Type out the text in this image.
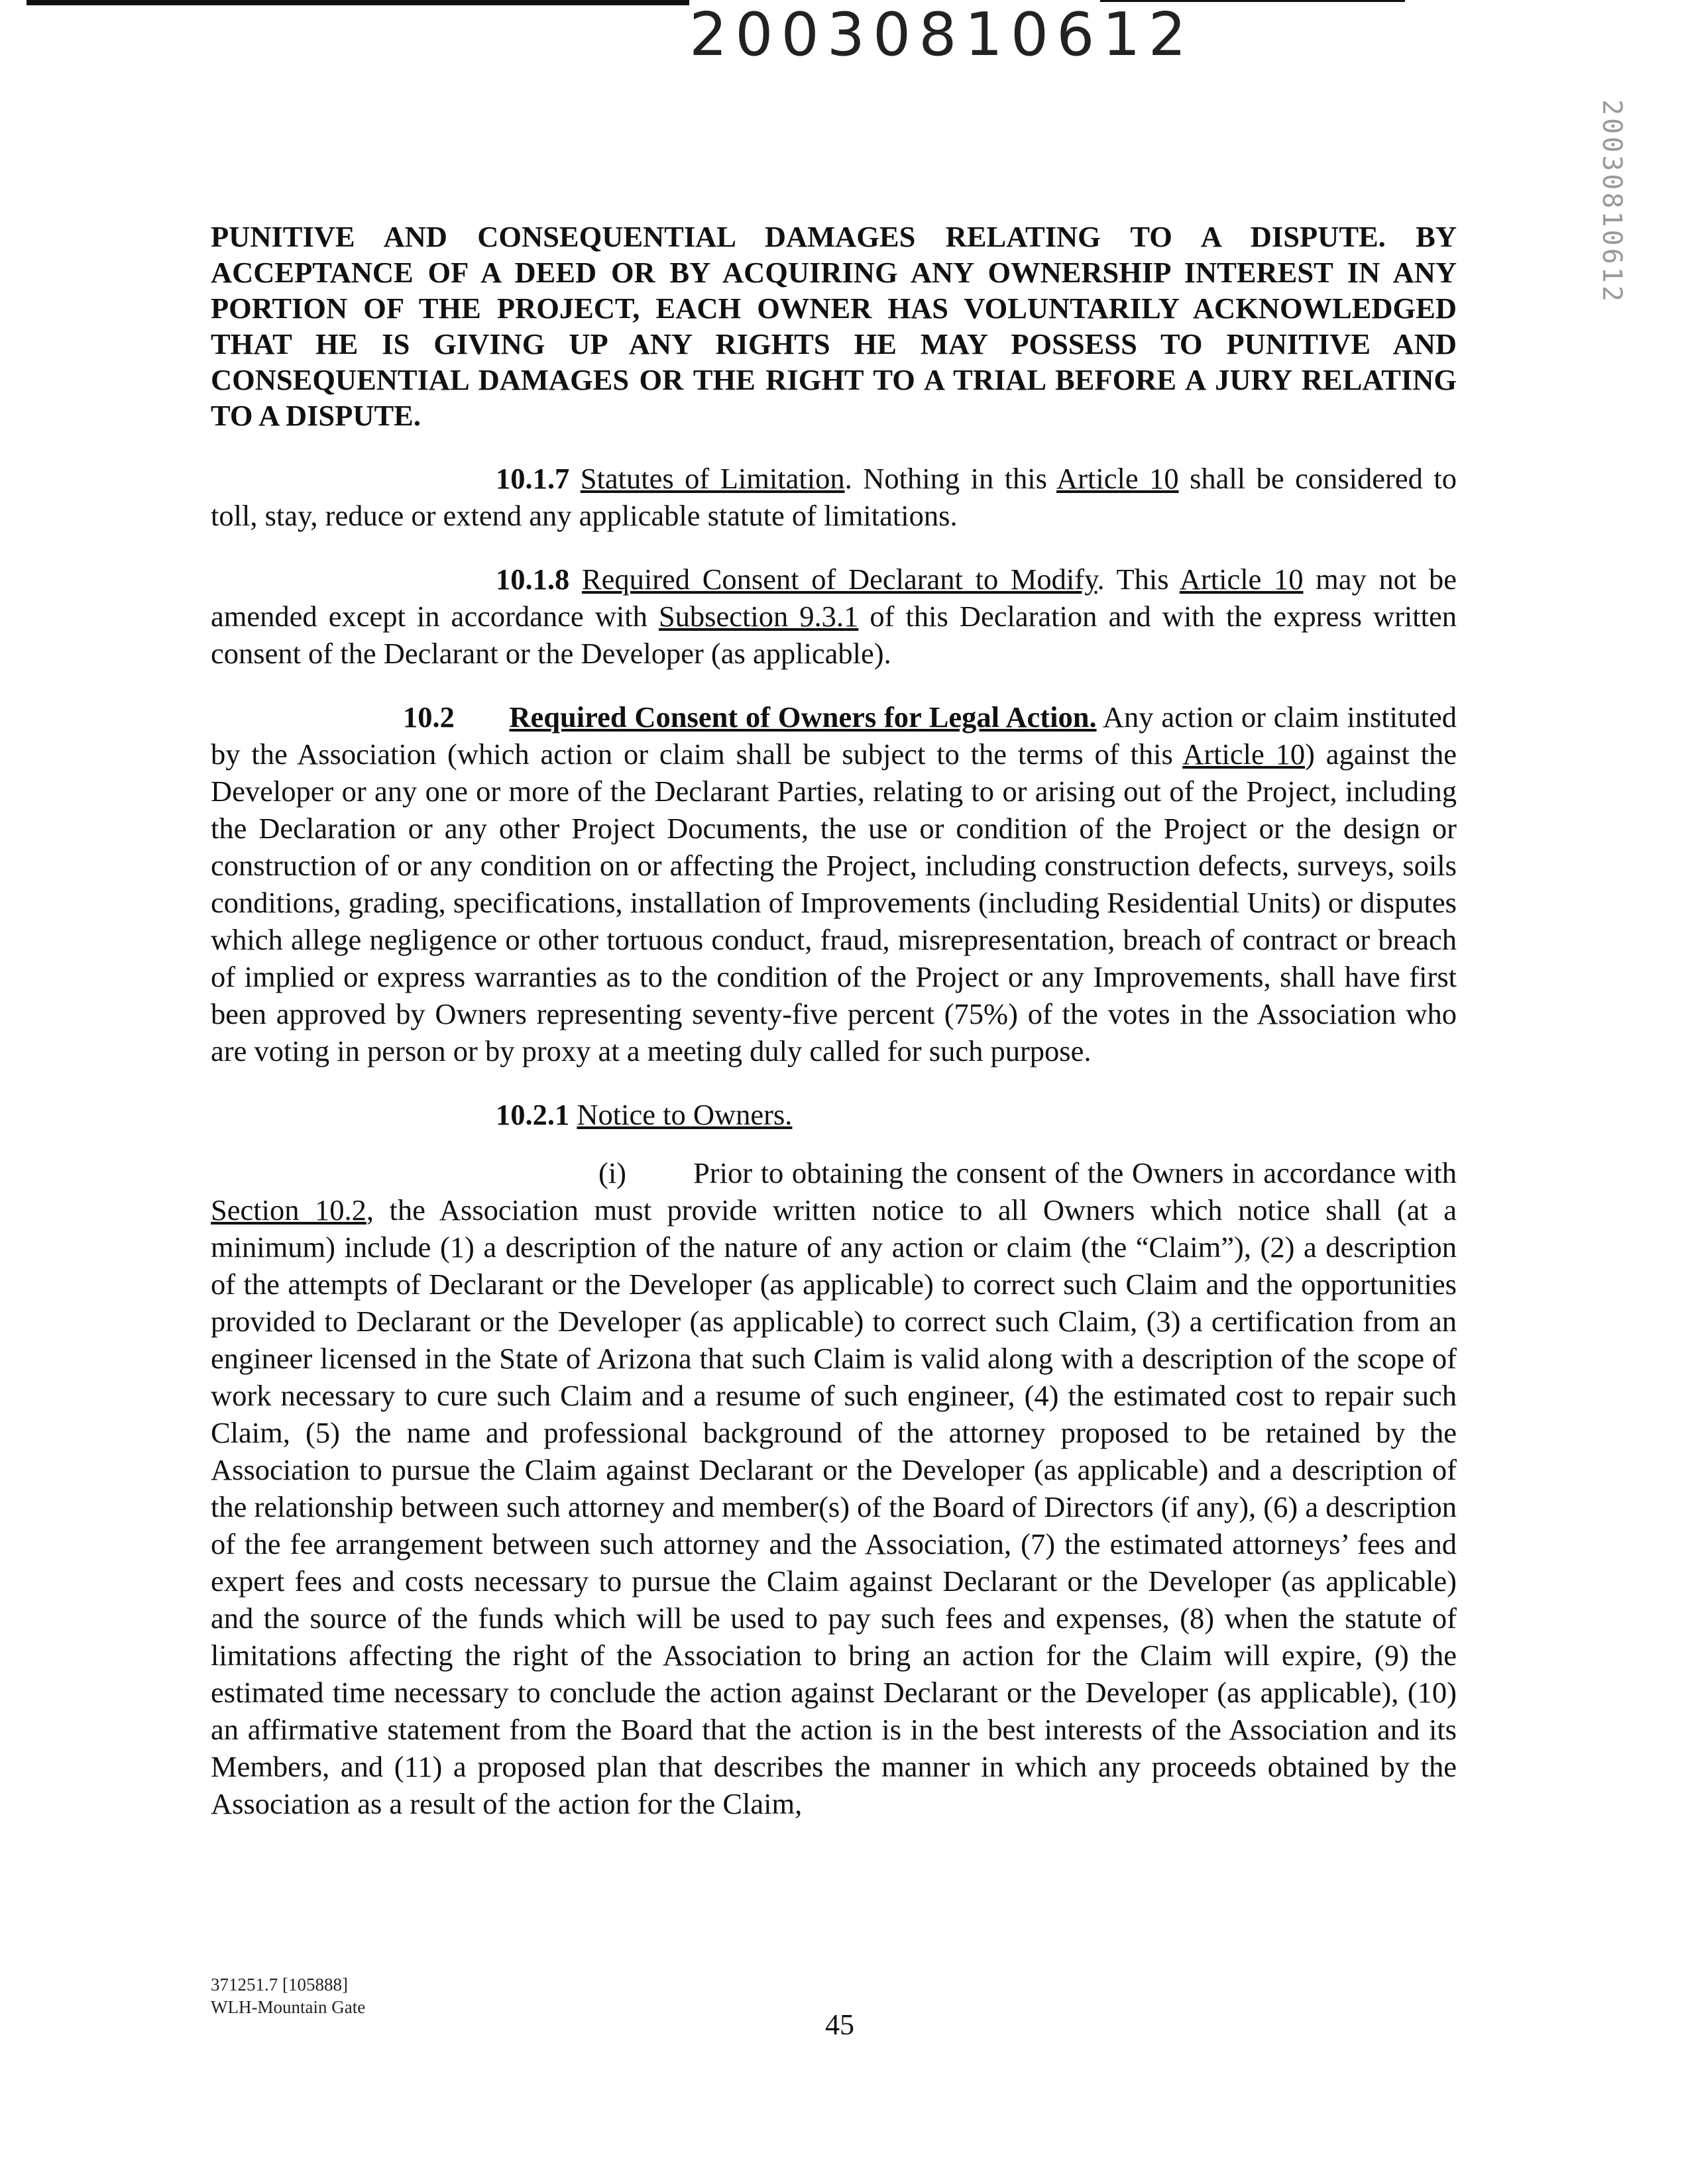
20030810612
20030810612

PUNITIVE AND CONSEQUENTIAL DAMAGES RELATING TO A DISPUTE. BY ACCEPTANCE OF A DEED OR BY ACQUIRING ANY OWNERSHIP INTEREST IN ANY PORTION OF THE PROJECT, EACH OWNER HAS VOLUNTARILY ACKNOWLEDGED THAT HE IS GIVING UP ANY RIGHTS HE MAY POSSESS TO PUNITIVE AND CONSEQUENTIAL DAMAGES OR THE RIGHT TO A TRIAL BEFORE A JURY RELATING TO A DISPUTE.

10.1.7 Statutes of Limitation. Nothing in this Article 10 shall be considered to toll, stay, reduce or extend any applicable statute of limitations.

10.1.8 Required Consent of Declarant to Modify. This Article 10 may not be amended except in accordance with Subsection 9.3.1 of this Declaration and with the express written consent of the Declarant or the Developer (as applicable).

10.2 Required Consent of Owners for Legal Action. Any action or claim instituted by the Association (which action or claim shall be subject to the terms of this Article 10) against the Developer or any one or more of the Declarant Parties, relating to or arising out of the Project, including the Declaration or any other Project Documents, the use or condition of the Project or the design or construction of or any condition on or affecting the Project, including construction defects, surveys, soils conditions, grading, specifications, installation of Improvements (including Residential Units) or disputes which allege negligence or other tortuous conduct, fraud, misrepresentation, breach of contract or breach of implied or express warranties as to the condition of the Project or any Improvements, shall have first been approved by Owners representing seventy-five percent (75%) of the votes in the Association who are voting in person or by proxy at a meeting duly called for such purpose.

10.2.1 Notice to Owners.

(i) Prior to obtaining the consent of the Owners in accordance with Section 10.2, the Association must provide written notice to all Owners which notice shall (at a minimum) include (1) a description of the nature of any action or claim (the “Claim”), (2) a description of the attempts of Declarant or the Developer (as applicable) to correct such Claim and the opportunities provided to Declarant or the Developer (as applicable) to correct such Claim, (3) a certification from an engineer licensed in the State of Arizona that such Claim is valid along with a description of the scope of work necessary to cure such Claim and a resume of such engineer, (4) the estimated cost to repair such Claim, (5) the name and professional background of the attorney proposed to be retained by the Association to pursue the Claim against Declarant or the Developer (as applicable) and a description of the relationship between such attorney and member(s) of the Board of Directors (if any), (6) a description of the fee arrangement between such attorney and the Association, (7) the estimated attorneys’ fees and expert fees and costs necessary to pursue the Claim against Declarant or the Developer (as applicable) and the source of the funds which will be used to pay such fees and expenses, (8) when the statute of limitations affecting the right of the Association to bring an action for the Claim will expire, (9) the estimated time necessary to conclude the action against Declarant or the Developer (as applicable), (10) an affirmative statement from the Board that the action is in the best interests of the Association and its Members, and (11) a proposed plan that describes the manner in which any proceeds obtained by the Association as a result of the action for the Claim,

371251.7 [105888]
WLH-Mountain Gate
45
